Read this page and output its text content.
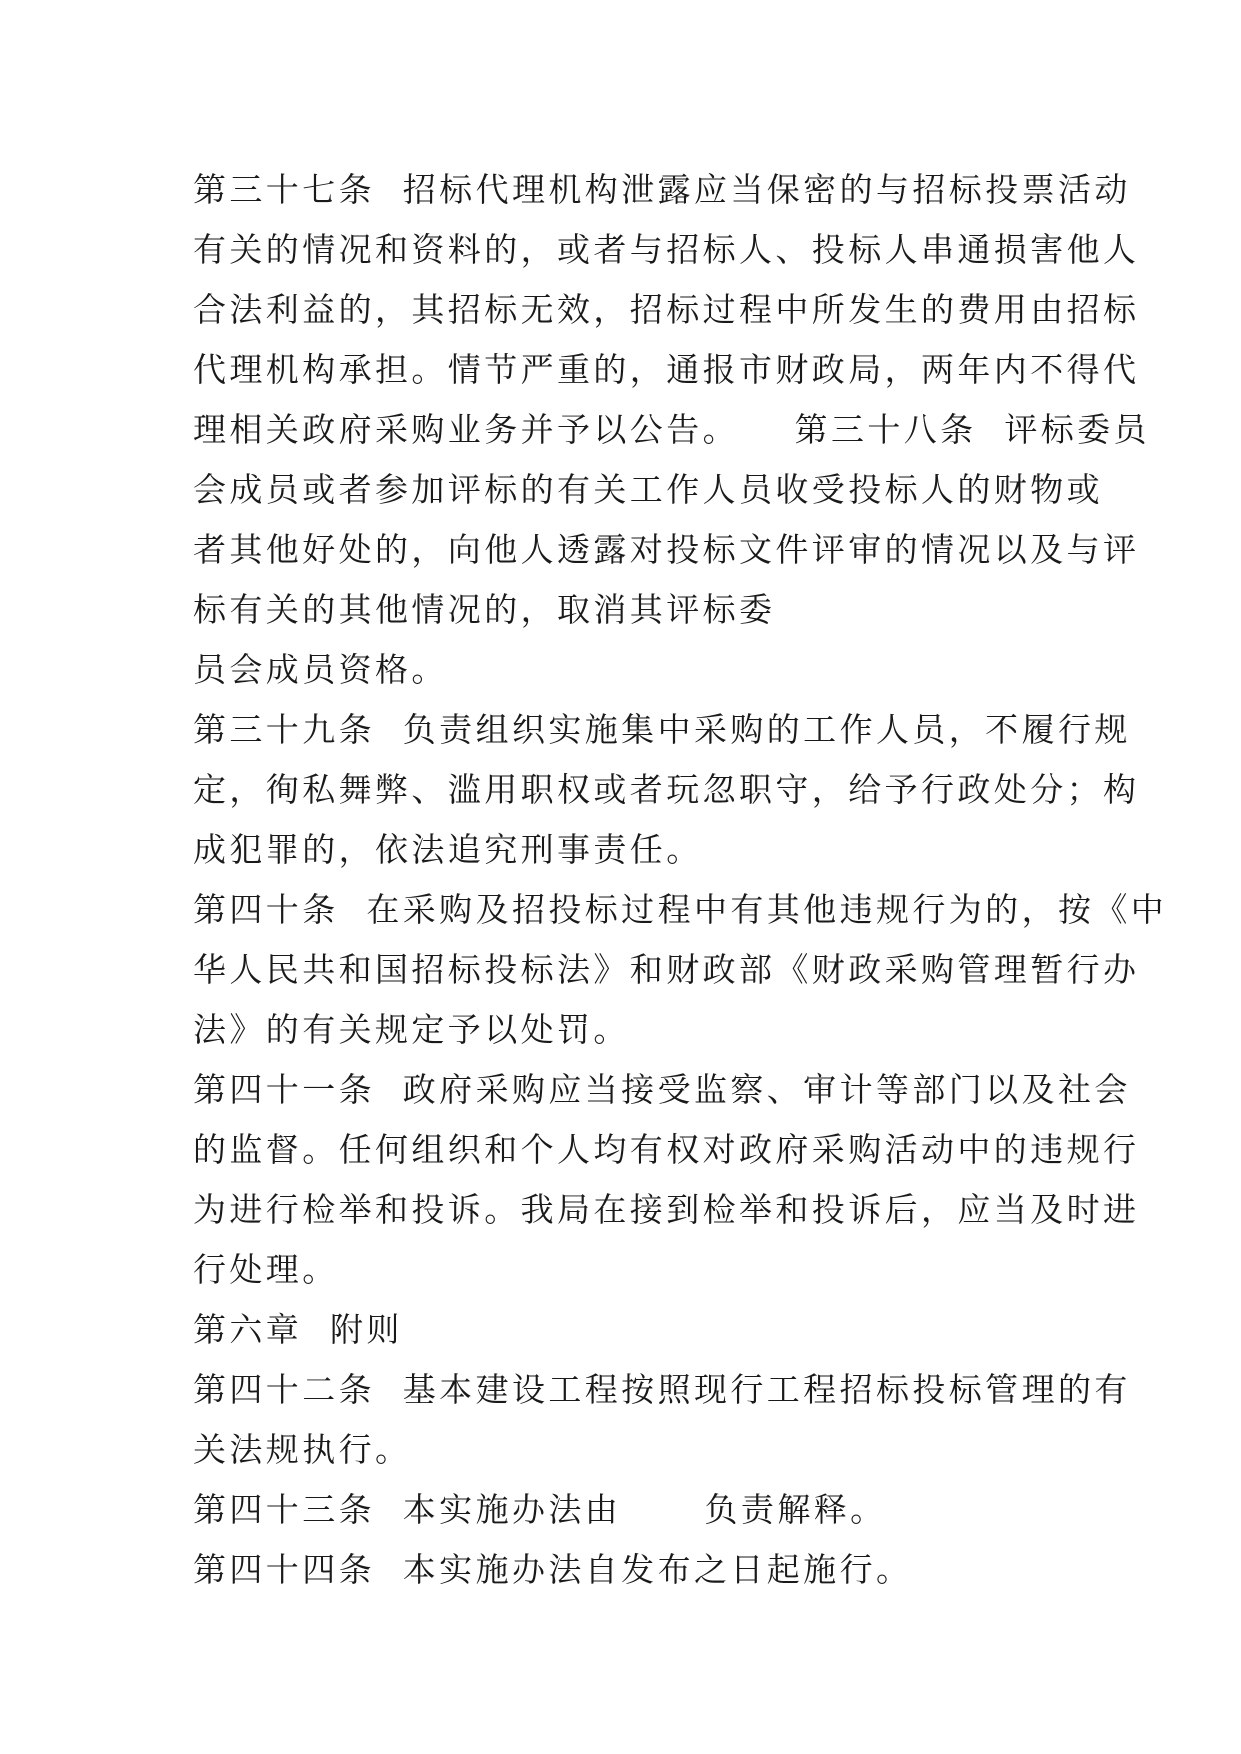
第三十七条  招标代理机构泄露应当保密的与招标投票活动
有关的情况和资料的，或者与招标人、投标人串通损害他人
合法利益的，其招标无效，招标过程中所发生的费用由招标
代理机构承担。情节严重的，通报市财政局，两年内不得代
理相关政府采购业务并予以公告。    第三十八条  评标委员
会成员或者参加评标的有关工作人员收受投标人的财物或
者其他好处的，向他人透露对投标文件评审的情况以及与评
标有关的其他情况的，取消其评标委
员会成员资格。
第三十九条  负责组织实施集中采购的工作人员，不履行规
定，徇私舞弊、滥用职权或者玩忽职守，给予行政处分；构
成犯罪的，依法追究刑事责任。
第四十条  在采购及招投标过程中有其他违规行为的，按《中
华人民共和国招标投标法》和财政部《财政采购管理暂行办
法》的有关规定予以处罚。
第四十一条  政府采购应当接受监察、审计等部门以及社会
的监督。任何组织和个人均有权对政府采购活动中的违规行
为进行检举和投诉。我局在接到检举和投诉后，应当及时进
行处理。
第六章  附则
第四十二条  基本建设工程按照现行工程招标投标管理的有
关法规执行。
第四十三条  本实施办法由      负责解释。
第四十四条  本实施办法自发布之日起施行。
